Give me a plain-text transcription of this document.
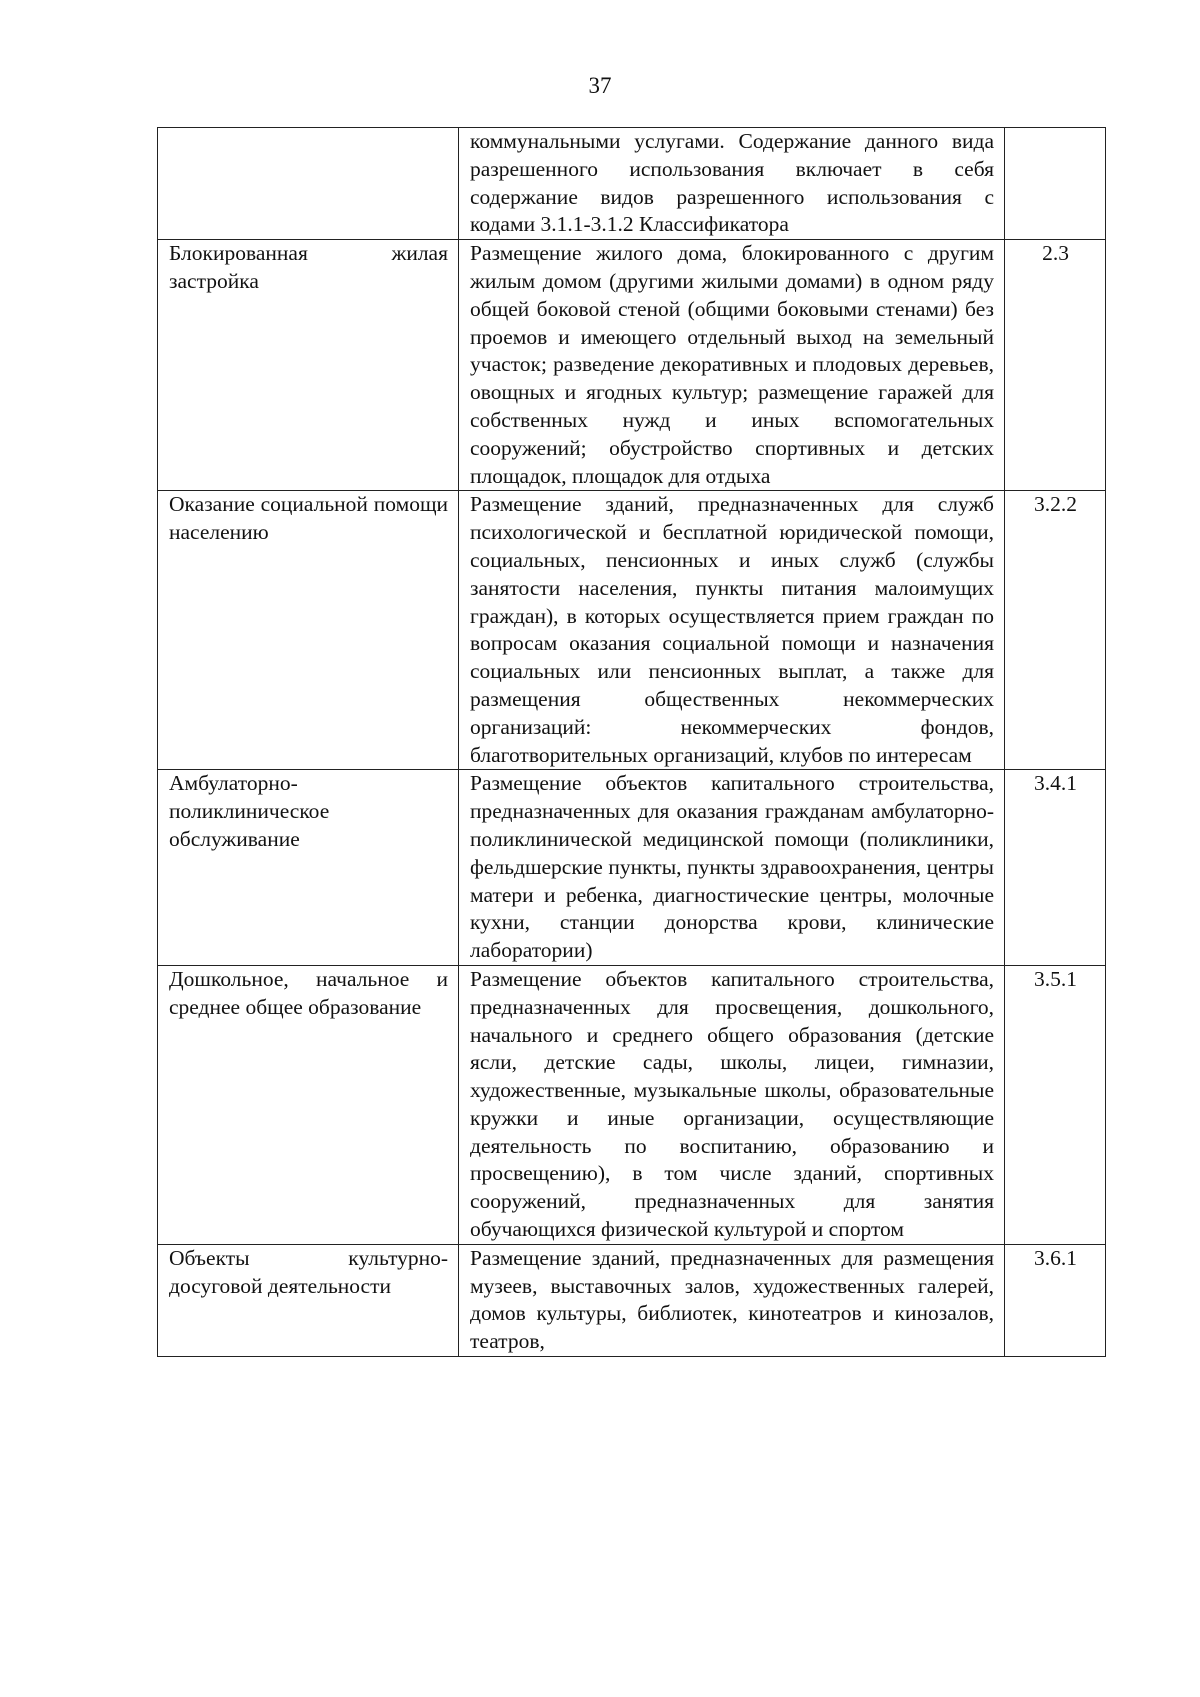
37
	коммунальными услугами. Содержание данного вида разрешенного использования включает в себя содержание видов разрешенного использования с кодами 3.1.1-3.1.2 Классификатора	
Блокированная жилая застройка	Размещение жилого дома, блокированного с другим жилым домом (другими жилыми домами) в одном ряду общей боковой стеной (общими боковыми стенами) без проемов и имеющего отдельный выход на земельный участок; разведение декоративных и плодовых деревьев, овощных и ягодных культур; размещение гаражей для собственных нужд и иных вспомогательных сооружений; обустройство спортивных и детских площадок, площадок для отдыха	2.3
Оказание социальной помощи населению	Размещение зданий, предназначенных для служб психологической и бесплатной юридической помощи, социальных, пенсионных и иных служб (службы занятости населения, пункты питания малоимущих граждан), в которых осуществляется прием граждан по вопросам оказания социальной помощи и назначения социальных или пенсионных выплат, а также для размещения общественных некоммерческих организаций: некоммерческих фондов, благотворительных организаций, клубов по интересам	3.2.2
Амбулаторно-поликлиническое обслуживание	Размещение объектов капитального строительства, предназначенных для оказания гражданам амбулаторно-поликлинической медицинской помощи (поликлиники, фельдшерские пункты, пункты здравоохранения, центры матери и ребенка, диагностические центры, молочные кухни, станции донорства крови, клинические лаборатории)	3.4.1
Дошкольное, начальное и среднее общее образование	Размещение объектов капитального строительства, предназначенных для просвещения, дошкольного, начального и среднего общего образования (детские ясли, детские сады, школы, лицеи, гимназии, художественные, музыкальные школы, образовательные кружки и иные организации, осуществляющие деятельность по воспитанию, образованию и просвещению), в том числе зданий, спортивных сооружений, предназначенных для занятия обучающихся физической культурой и спортом	3.5.1
Объекты культурно-досуговой деятельности	Размещение зданий, предназначенных для размещения музеев, выставочных залов, художественных галерей, домов культуры, библиотек, кинотеатров и кинозалов, театров,	3.6.1
